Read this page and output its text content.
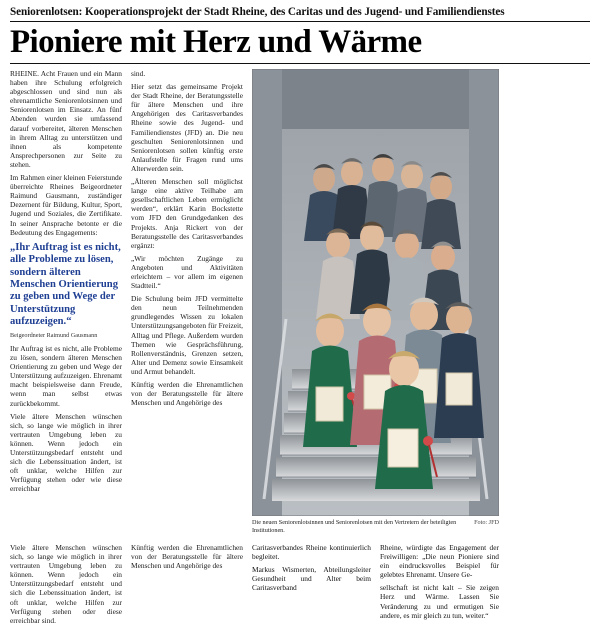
Seniorenlotsen: Kooperationsprojekt der Stadt Rheine, des Caritas und des Jugend- und Familiendienstes
Pioniere mit Herz und Wärme

RHEINE. Acht Frauen und ein Mann haben ihre Schulung erfolgreich abgeschlossen und sind nun als ehrenamtliche Seniorenlotsinnen und Seniorenlotsen im Einsatz. An fünf Abenden wurden sie umfassend darauf vorbereitet, älteren Menschen in ihrem Alltag zu unterstützen und ihnen als kompetente Ansprechpersonen zur Seite zu stehen.

Im Rahmen einer kleinen Feierstunde überreichte Rheines Beigeordneter Raimund Gausmann, zuständiger Dezernent für Bildung, Kultur, Sport, Jugend und Soziales, die Zertifikate. In seiner Ansprache betonte er die Bedeutung des Engagements:

„Ihr Auftrag ist es nicht, alle Probleme zu lösen, sondern älteren Menschen Orientierung zu geben und Wege der Unterstützung aufzuzeigen.“
Beigeordneter Raimund Gausmann

Ihr Auftrag ist es nicht, alle Probleme zu lösen, sondern älteren Menschen Orientierung zu geben und Wege der Unterstützung aufzuzeigen. Ehrenamt macht beispielsweise dann Freude, wenn man selbst etwas zurückbekommt.

Viele ältere Menschen wünschen sich, so lange wie möglich in ihrer vertrauten Umgebung leben zu können. Wenn jedoch ein Unterstützungsbedarf entsteht und sich die Lebenssituation ändert, ist oft unklar, welche Hilfen zur Verfügung stehen oder wie diese erreichbar

sind.

Hier setzt das gemeinsame Projekt der Stadt Rheine, der Beratungsstelle für ältere Menschen und ihre Angehörigen des Caritasverbandes Rheine sowie des Jugend- und Familiendienstes (JFD) an. Die neu geschulten Seniorenlotsinnen und Seniorenlotsen sollen künftig erste Anlaufstelle für Fragen rund ums Alterwerden sein.

„Älteren Menschen soll möglichst lange eine aktive Teilhabe am gesellschaftlichen Leben ermöglicht werden“, erklärt Karin Bockstette vom JFD den Grundgedanken des Projekts. Anja Rickert von der Beratungsstelle des Caritasverbandes ergänzt:

„Wir möchten Zugänge zu Angeboten und Aktivitäten erleichtern – vor allem im eigenen Stadtteil.“

Die Schulung beim JFD vermittelte den neun Teilnehmenden grundlegendes Wissen zu lokalen Unterstützungsangeboten für Freizeit, Alltag und Pflege. Außerdem wurden Themen wie Gesprächsführung, Rollenverständnis, Grenzen setzen, Alter und Demenz sowie Einsamkeit und Armut behandelt.

Künftig werden die Ehrenamtlichen von der Beratungsstelle für ältere Menschen und Angehörige des

Die neuen Seniorenlotsinnen und Seniorenlotsen mit den Vertretern der beteiligten Institutionen.
Foto: JFD

Viele ältere Menschen wünschen sich, so lange wie möglich in ihrer vertrauten Umgebung leben zu können. Wenn jedoch ein Unterstützungsbedarf entsteht und sich die Lebenssituation ändert, ist oft unklar, welche Hilfen zur Verfügung stehen oder diese erreichbar sind.

Künftig werden die Ehrenamtlichen von der Beratungsstelle für ältere Menschen und Angehörige des

Caritasverbandes Rheine kontinuierlich begleitet.

Markus Wismerten, Abteilungsleiter Gesundheit und Alter beim Caritasverband

Rheine, würdigte das Engagement der Freiwilligen: „Die neun Pioniere sind ein eindrucksvolles Beispiel für gelebtes Ehrenamt. Unsere Ge-

sellschaft ist nicht kalt – Sie zeigen Herz und Wärme. Lassen Sie Veränderung zu und ermutigen Sie andere, es mir gleich zu tun, weiter.“
